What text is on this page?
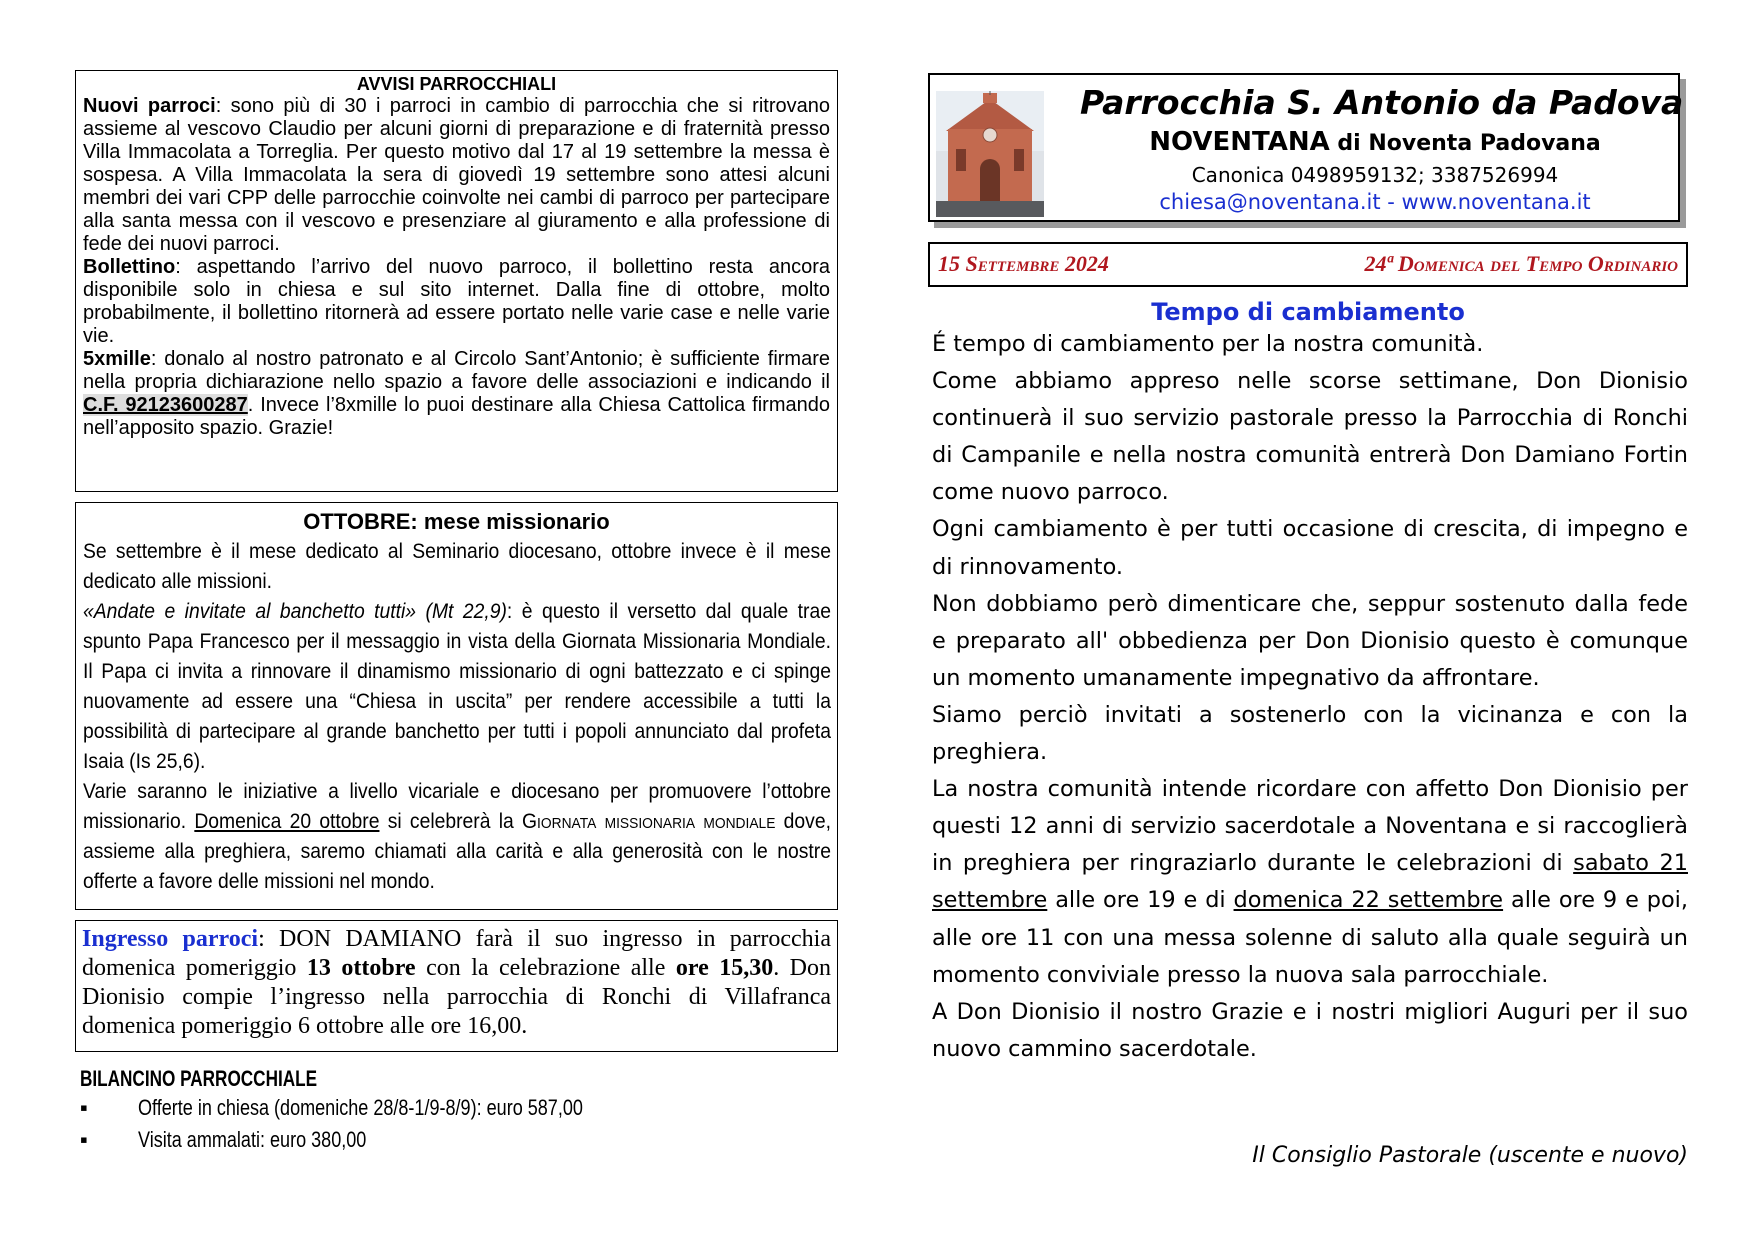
AVVISI PARROCCHIALI

Nuovi parroci: sono più di 30 i parroci in cambio di parrocchia che si ritrovano assieme al vescovo Claudio per alcuni giorni di preparazione e di fraternità presso Villa Immacolata a Torreglia. Per questo motivo dal 17 al 19 settembre la messa è sospesa. A Villa Immacolata la sera di giovedì 19 settembre sono attesi alcuni membri dei vari CPP delle parrocchie coinvolte nei cambi di parroco per partecipare alla santa messa con il vescovo e presenziare al giuramento e alla professione di fede dei nuovi parroci.

Bollettino: aspettando l’arrivo del nuovo parroco, il bollettino resta ancora disponibile solo in chiesa e sul sito internet. Dalla fine di ottobre, molto probabilmente, il bollettino ritornerà ad essere portato nelle varie case e nelle varie vie.

5xmille: donalo al nostro patronato e al Circolo Sant’Antonio; è sufficiente firmare nella propria dichiarazione nello spazio a favore delle associazioni e indicando il C.F. 92123600287. Invece l’8xmille lo puoi destinare alla Chiesa Cattolica firmando nell’apposito spazio. Grazie!

OTTOBRE: mese missionario

Se settembre è il mese dedicato al Seminario diocesano, ottobre invece è il mese dedicato alle missioni.

«Andate e invitate al banchetto tutti» (Mt 22,9): è questo il versetto dal quale trae spunto Papa Francesco per il messaggio in vista della Giornata Missionaria Mondiale. Il Papa ci invita a rinnovare il dinamismo missionario di ogni battezzato e ci spinge nuovamente ad essere una “Chiesa in uscita” per rendere accessibile a tutti la possibilità di partecipare al grande banchetto per tutti i popoli annunciato dal profeta Isaia (Is 25,6).

Varie saranno le iniziative a livello vicariale e diocesano per promuovere l’ottobre missionario. Domenica 20 ottobre si celebrerà la Giornata missionaria mondiale dove, assieme alla preghiera, saremo chiamati alla carità e alla generosità con le nostre offerte a favore delle missioni nel mondo.

Ingresso parroci: DON DAMIANO farà il suo ingresso in parrocchia domenica pomeriggio 13 ottobre con la celebrazione alle ore 15,30. Don Dionisio compie l’ingresso nella parrocchia di Ronchi di Villafranca domenica pomeriggio 6 ottobre alle ore 16,00.

BILANCINO PARROCCHIALE
▪ Offerte in chiesa (domeniche 28/8-1/9-8/9): euro 587,00
▪ Visita ammalati: euro 380,00
Parrocchia S. Antonio da Padova
NOVENTANA di Noventa Padovana
Canonica 0498959132; 3387526994
chiesa@noventana.it - www.noventana.it
15 Settembre 2024	24ª Domenica del Tempo Ordinario
Tempo di cambiamento

É tempo di cambiamento per la nostra comunità.

Come abbiamo appreso nelle scorse settimane, Don Dionisio continuerà il suo servizio pastorale presso la Parrocchia di Ronchi di Campanile e nella nostra comunità entrerà Don Damiano Fortin come nuovo parroco.

Ogni cambiamento è per tutti occasione di crescita, di impegno e di rinnovamento.

Non dobbiamo però dimenticare che, seppur sostenuto dalla fede e preparato all' obbedienza per Don Dionisio questo è comunque un momento umanamente impegnativo da affrontare.

Siamo perciò invitati a sostenerlo con la vicinanza e con la preghiera.

La nostra comunità intende ricordare con affetto Don Dionisio per questi 12 anni di servizio sacerdotale a Noventana e si raccoglierà in preghiera per ringraziarlo durante le celebrazioni di sabato 21 settembre alle ore 19 e di domenica 22 settembre alle ore 9 e poi, alle ore 11 con una messa solenne di saluto alla quale seguirà un momento conviviale presso la nuova sala parrocchiale.

A Don Dionisio il nostro Grazie e i nostri migliori Auguri per il suo nuovo cammino sacerdotale.

Il Consiglio Pastorale (uscente e nuovo)
